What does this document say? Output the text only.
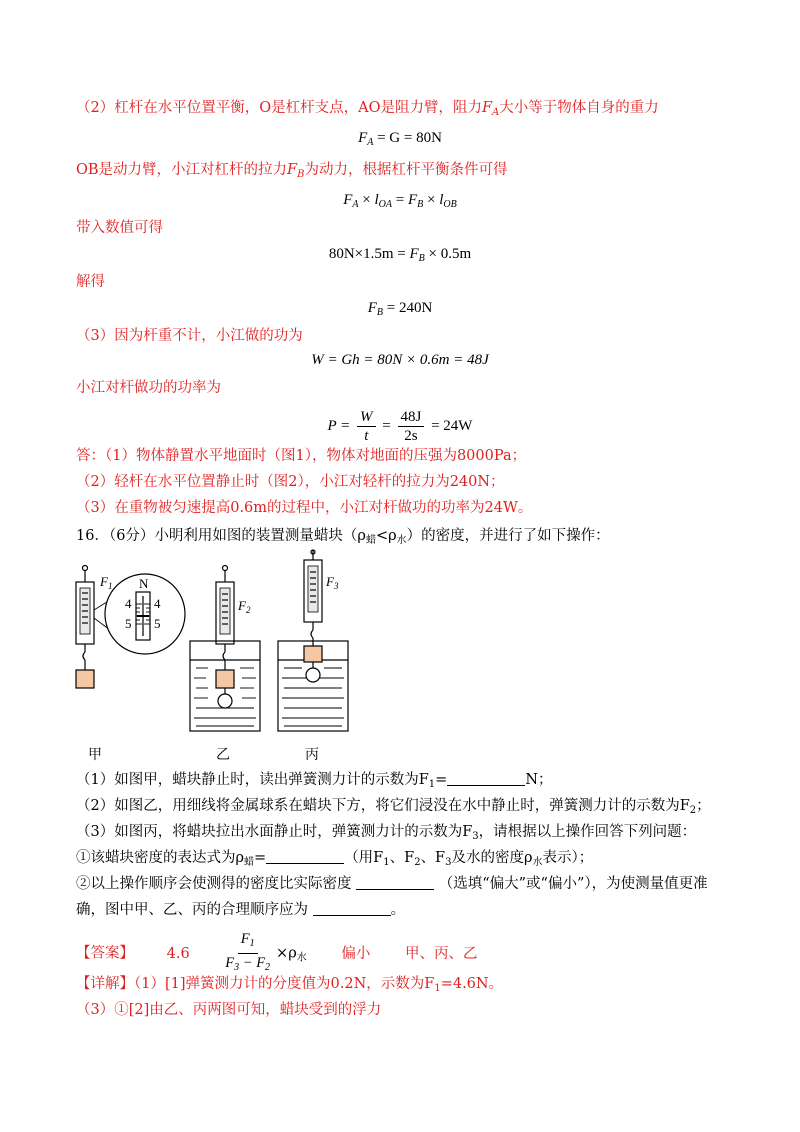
（2）杠杆在水平位置平衡，O是杠杆支点，AO是阻力臂，阻力$F_A$大小等于物体自身的重力
$F_A = G = 80N$
OB是动力臂，小江对杠杆的拉力$F_B$为动力，根据杠杆平衡条件可得
$F_A \times l_{OA} = F_B \times l_{OB}$
带入数值可得
$80N\times 1.5m = F_B \times 0.5m$
解得
$F_B = 240N$
（3）因为杆重不计，小江做的功为
W = Gh = 80N × 0.6m = 48J
小江对杆做功的功率为
$P = \frac{W}{t} = \frac{48J}{2s} = 24W$
答：（1）物体静置水平地面时（图1），物体对地面的压强为8000Pa；
（2）轻杆在水平位置静止时（图2），小江对轻杆的拉力为240N；
（3）在重物被匀速提高0.6m的过程中，小江对杆做功的功率为24W。
16．（6分）小明利用如图的装置测量蜡块$(\rho_蜡<\rho_水)$的密度，并进行了如下操作：
$F_1$
$F_2$
$F_3$
N
4
5
4
5
甲	乙	丙
（1）如图甲，蜡块静止时，读出弹簧测力计的示数为$F_1=$	N；
（2）如图乙，用细线将金属球系在蜡块下方，将它们浸没在水中静止时，弹簧测力计的示数为$F_2$；
（3）如图丙，将蜡块拉出水面静止时，弹簧测力计的示数为$F_3$，请根据以上操作回答下列问题：
①该蜡块密度的表达式为$\rho_蜡=$	（用$F_1$、$F_2$、$F_3$及水的密度$\rho_水$表示）；
②以上操作顺序会使测得的密度比实际密度	（选填“偏大”或“偏小”），为使测量值更准
确，图中甲、乙、丙的合理顺序应为	。
【答案】 $4.6 \frac{F_1}{F_3 - F_2} \times\rho_水$ 偏小 甲、丙、乙
【详解】（1）[1]弹簧测力计的分度值为0.2N，示数为$F_1=4.6N$。
（3）①[2]由乙、丙两图可知，蜡块受到的浮力
